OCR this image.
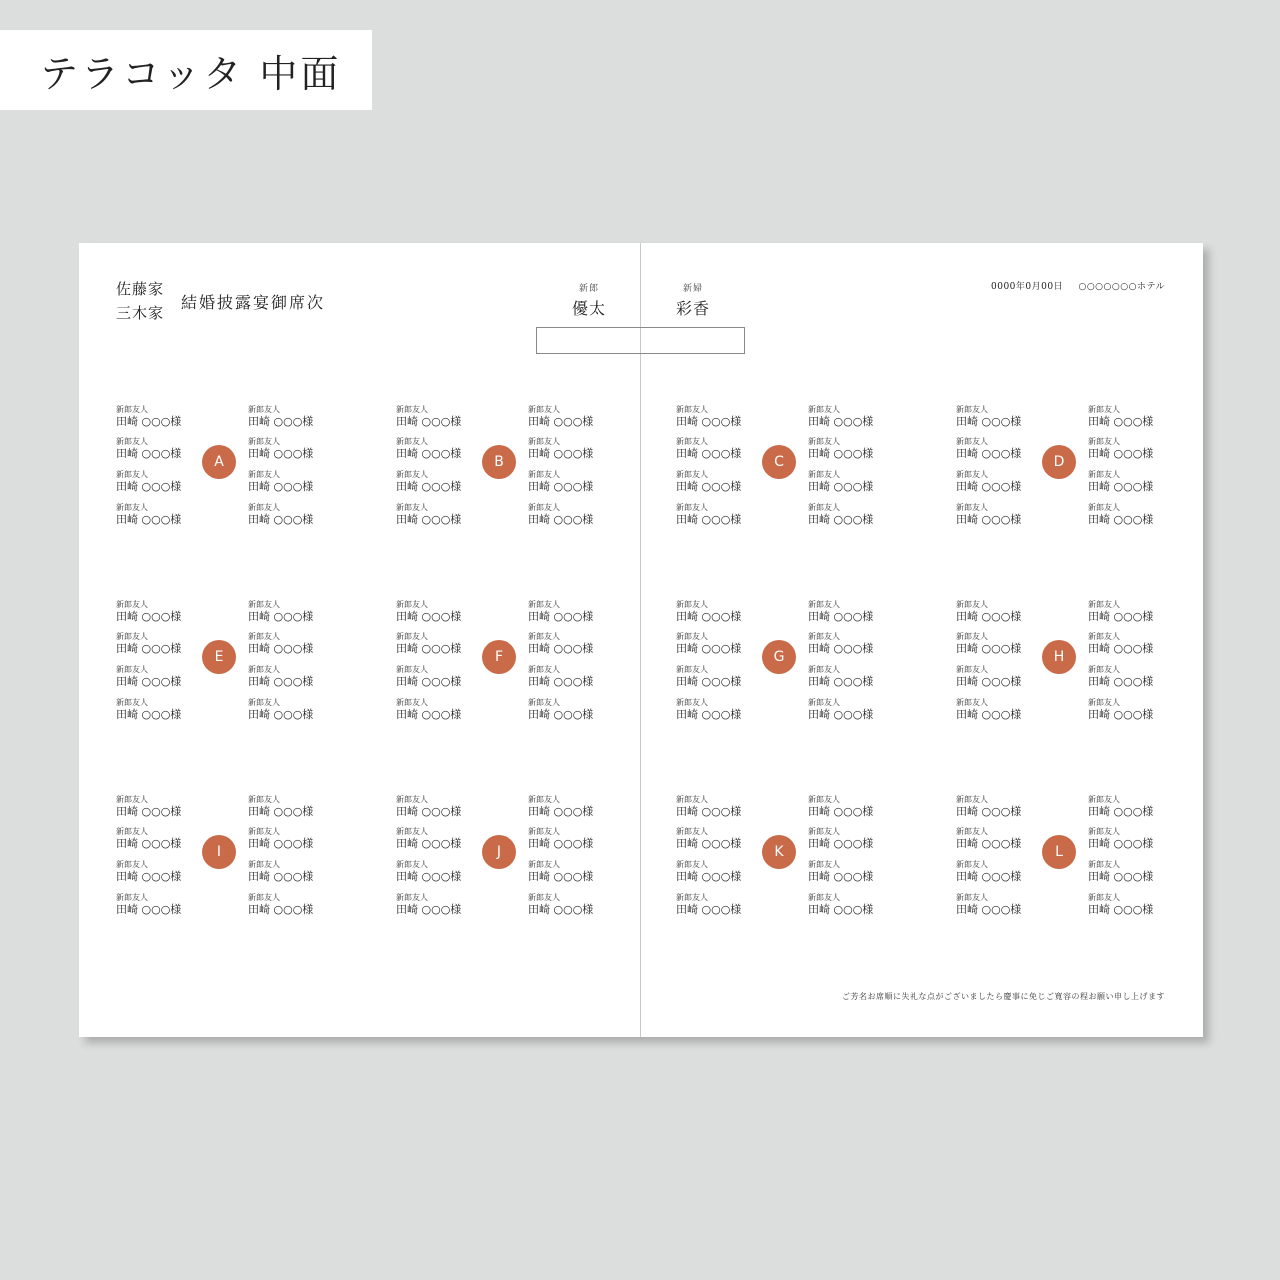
テラコッタ 中面
佐藤家
三木家
結婚披露宴御席次
新郎
優太
新婦
彩香
0000年0月00日 ○○○○○○○ホテル
新郎友人
田崎 ○○○様
新郎友人
田崎 ○○○様
新郎友人
田崎 ○○○様
新郎友人
田崎 ○○○様
新郎友人
田崎 ○○○様
新郎友人
田崎 ○○○様
新郎友人
田崎 ○○○様
新郎友人
田崎 ○○○様
A
新郎友人
田崎 ○○○様
新郎友人
田崎 ○○○様
新郎友人
田崎 ○○○様
新郎友人
田崎 ○○○様
新郎友人
田崎 ○○○様
新郎友人
田崎 ○○○様
新郎友人
田崎 ○○○様
新郎友人
田崎 ○○○様
B
新郎友人
田崎 ○○○様
新郎友人
田崎 ○○○様
新郎友人
田崎 ○○○様
新郎友人
田崎 ○○○様
新郎友人
田崎 ○○○様
新郎友人
田崎 ○○○様
新郎友人
田崎 ○○○様
新郎友人
田崎 ○○○様
C
新郎友人
田崎 ○○○様
新郎友人
田崎 ○○○様
新郎友人
田崎 ○○○様
新郎友人
田崎 ○○○様
新郎友人
田崎 ○○○様
新郎友人
田崎 ○○○様
新郎友人
田崎 ○○○様
新郎友人
田崎 ○○○様
D
新郎友人
田崎 ○○○様
新郎友人
田崎 ○○○様
新郎友人
田崎 ○○○様
新郎友人
田崎 ○○○様
新郎友人
田崎 ○○○様
新郎友人
田崎 ○○○様
新郎友人
田崎 ○○○様
新郎友人
田崎 ○○○様
E
新郎友人
田崎 ○○○様
新郎友人
田崎 ○○○様
新郎友人
田崎 ○○○様
新郎友人
田崎 ○○○様
新郎友人
田崎 ○○○様
新郎友人
田崎 ○○○様
新郎友人
田崎 ○○○様
新郎友人
田崎 ○○○様
F
新郎友人
田崎 ○○○様
新郎友人
田崎 ○○○様
新郎友人
田崎 ○○○様
新郎友人
田崎 ○○○様
新郎友人
田崎 ○○○様
新郎友人
田崎 ○○○様
新郎友人
田崎 ○○○様
新郎友人
田崎 ○○○様
G
新郎友人
田崎 ○○○様
新郎友人
田崎 ○○○様
新郎友人
田崎 ○○○様
新郎友人
田崎 ○○○様
新郎友人
田崎 ○○○様
新郎友人
田崎 ○○○様
新郎友人
田崎 ○○○様
新郎友人
田崎 ○○○様
H
新郎友人
田崎 ○○○様
新郎友人
田崎 ○○○様
新郎友人
田崎 ○○○様
新郎友人
田崎 ○○○様
新郎友人
田崎 ○○○様
新郎友人
田崎 ○○○様
新郎友人
田崎 ○○○様
新郎友人
田崎 ○○○様
I
新郎友人
田崎 ○○○様
新郎友人
田崎 ○○○様
新郎友人
田崎 ○○○様
新郎友人
田崎 ○○○様
新郎友人
田崎 ○○○様
新郎友人
田崎 ○○○様
新郎友人
田崎 ○○○様
新郎友人
田崎 ○○○様
J
新郎友人
田崎 ○○○様
新郎友人
田崎 ○○○様
新郎友人
田崎 ○○○様
新郎友人
田崎 ○○○様
新郎友人
田崎 ○○○様
新郎友人
田崎 ○○○様
新郎友人
田崎 ○○○様
新郎友人
田崎 ○○○様
K
新郎友人
田崎 ○○○様
新郎友人
田崎 ○○○様
新郎友人
田崎 ○○○様
新郎友人
田崎 ○○○様
新郎友人
田崎 ○○○様
新郎友人
田崎 ○○○様
新郎友人
田崎 ○○○様
新郎友人
田崎 ○○○様
L
ご芳名お席順に失礼な点がございましたら慶事に免じご寛容の程お願い申し上げます
